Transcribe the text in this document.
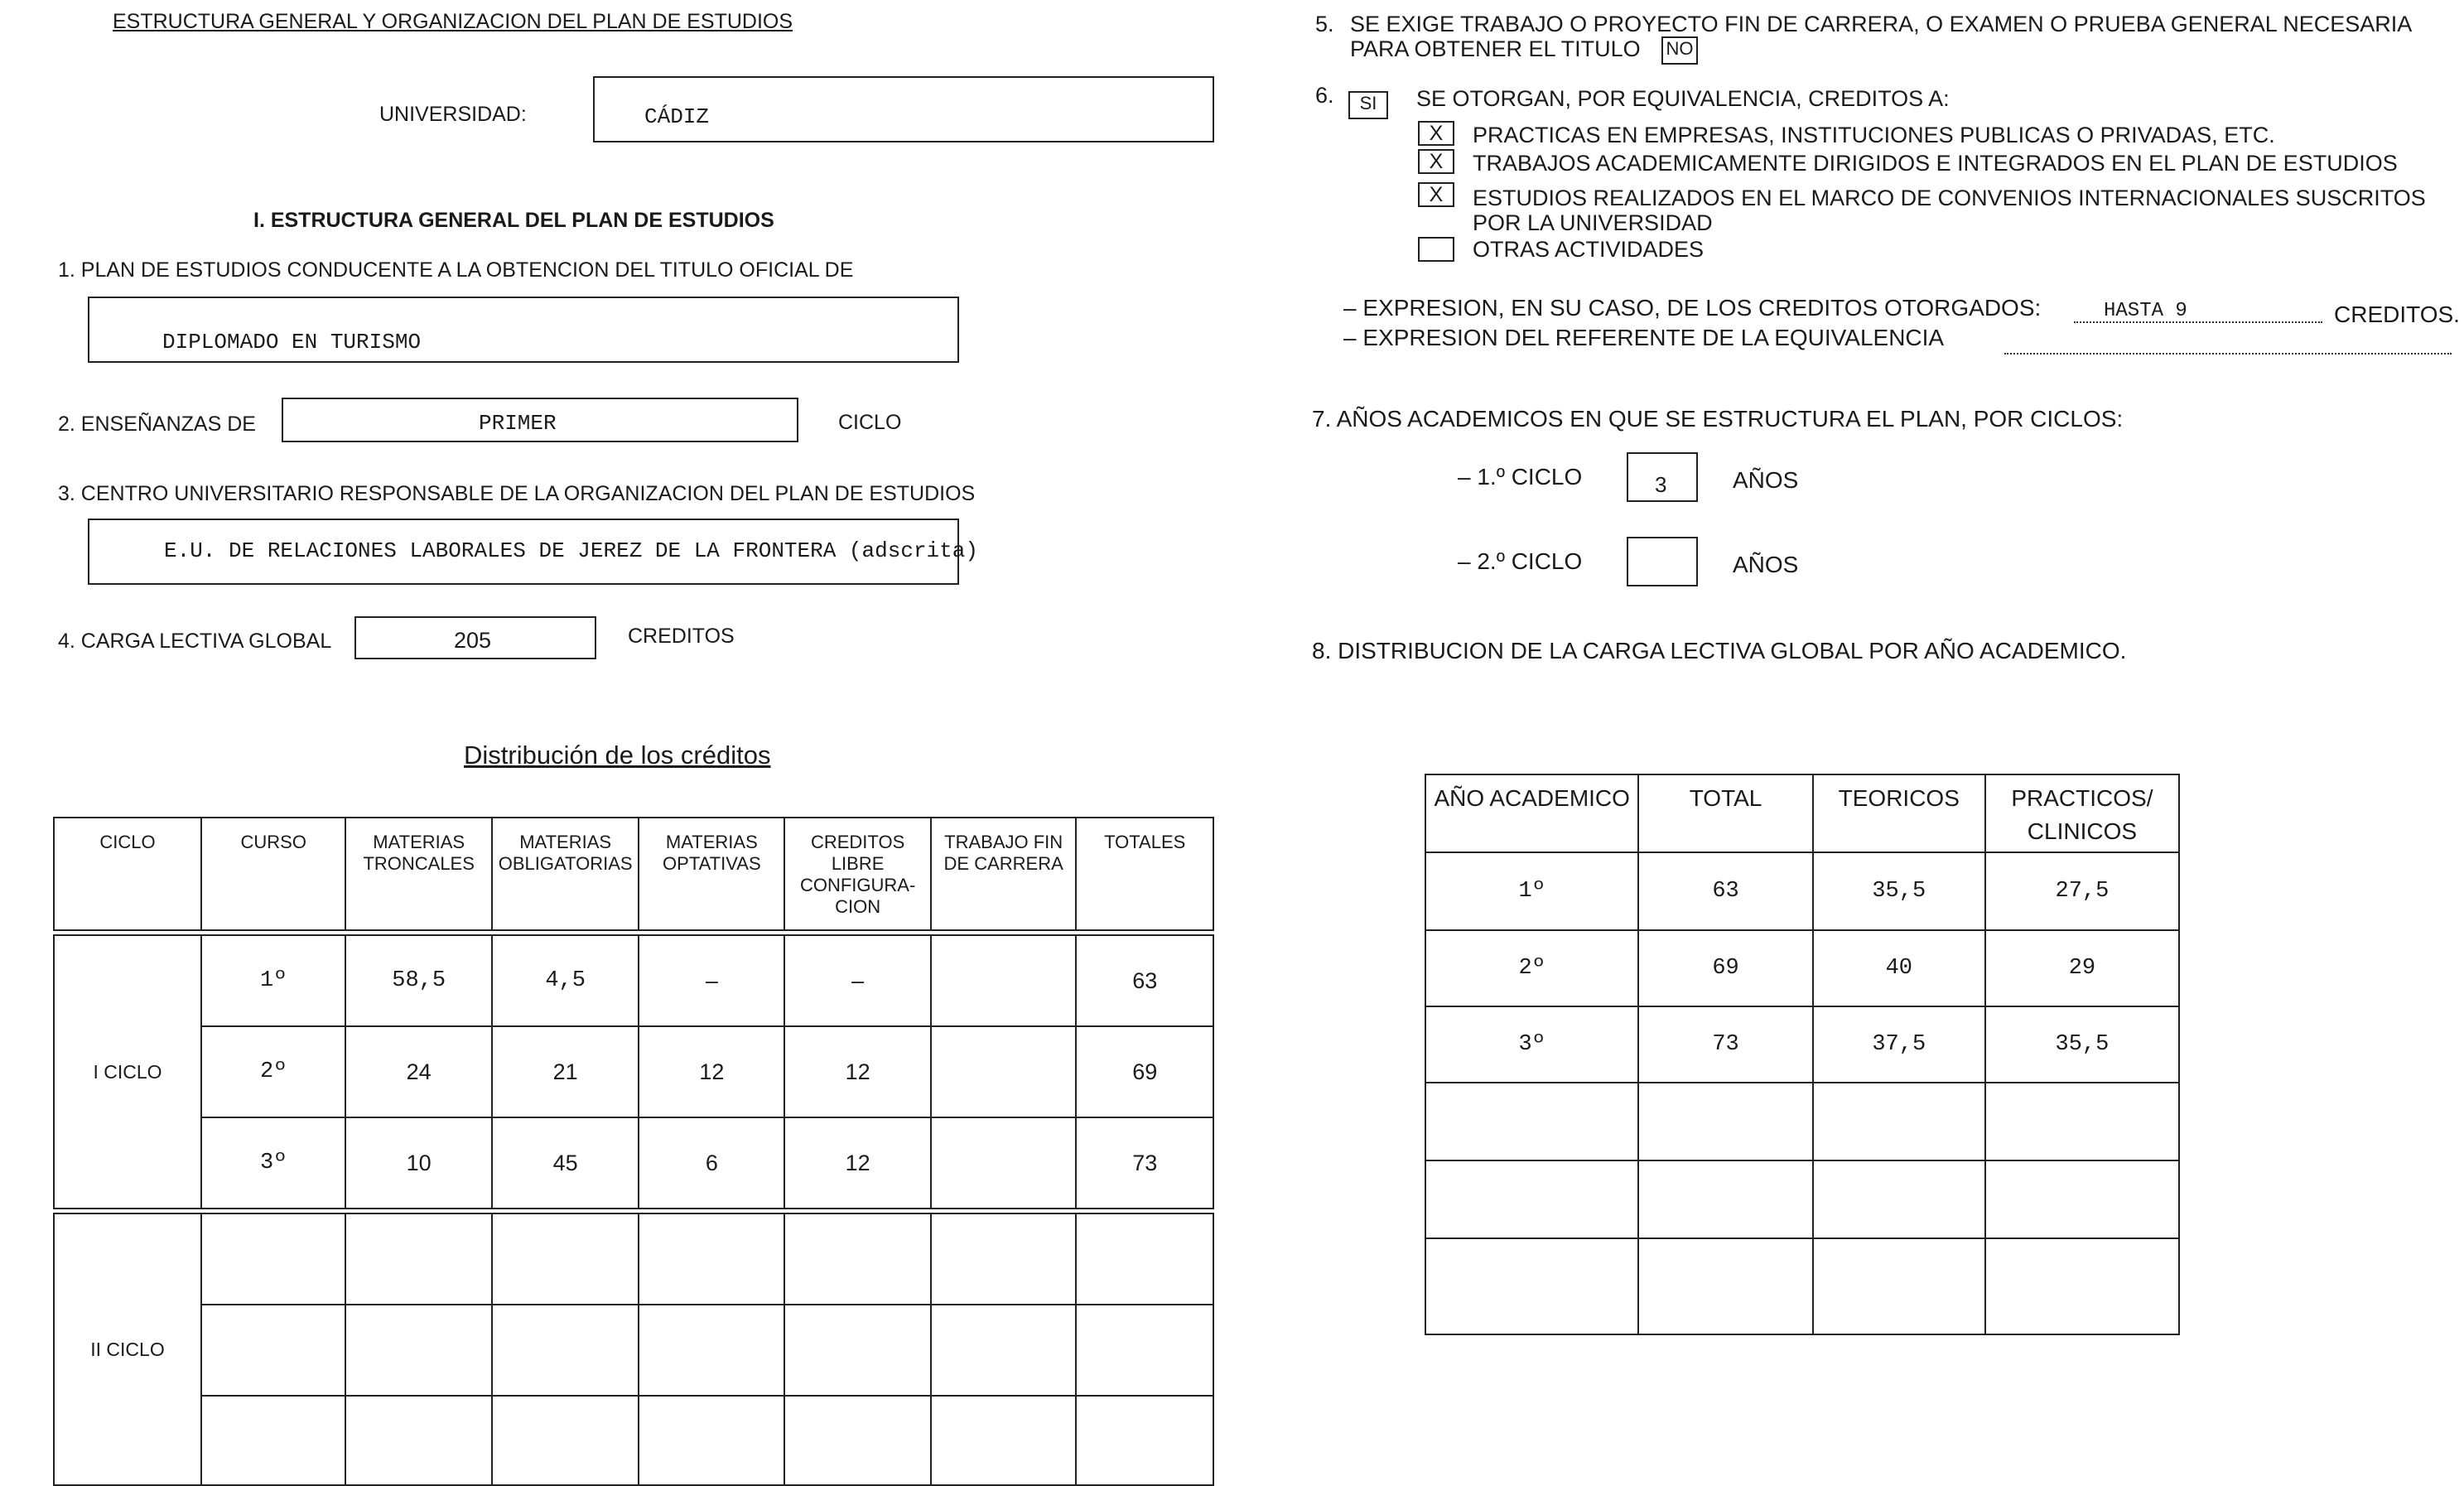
ESTRUCTURA GENERAL Y ORGANIZACION DEL PLAN DE ESTUDIOS
UNIVERSIDAD:	CÁDIZ
I. ESTRUCTURA GENERAL DEL PLAN DE ESTUDIOS
1. PLAN DE ESTUDIOS CONDUCENTE A LA OBTENCION DEL TITULO OFICIAL DE
DIPLOMADO EN TURISMO
2. ENSEÑANZAS DE	PRIMER	CICLO
3. CENTRO UNIVERSITARIO RESPONSABLE DE LA ORGANIZACION DEL PLAN DE ESTUDIOS
E.U. DE RELACIONES LABORALES DE JEREZ DE LA FRONTERA (adscrita)
4. CARGA LECTIVA GLOBAL	205	CREDITOS
Distribución de los créditos
CICLO	CURSO	MATERIAS TRONCALES	MATERIAS OBLIGATORIAS	MATERIAS OPTATIVAS	CREDITOS LIBRE CONFIGURA-CION	TRABAJO FIN DE CARRERA	TOTALES

I CICLO	1º	58,5	4,5	–	–		63
	2º	24	21	12	12		69
	3º	10	45	6	12		73

II CICLO							

5. SE EXIGE TRABAJO O PROYECTO FIN DE CARRERA, O EXAMEN O PRUEBA GENERAL NECESARIA
PARA OBTENER EL TITULO NO
6.	SI	SE OTORGAN, POR EQUIVALENCIA, CREDITOS A:
X	PRACTICAS EN EMPRESAS, INSTITUCIONES PUBLICAS O PRIVADAS, ETC.
X	TRABAJOS ACADEMICAMENTE DIRIGIDOS E INTEGRADOS EN EL PLAN DE ESTUDIOS
X	ESTUDIOS REALIZADOS EN EL MARCO DE CONVENIOS INTERNACIONALES SUSCRITOS
POR LA UNIVERSIDAD
OTRAS ACTIVIDADES
– EXPRESION, EN SU CASO, DE LOS CREDITOS OTORGADOS:	HASTA 9	CREDITOS.
– EXPRESION DEL REFERENTE DE LA EQUIVALENCIA
7. AÑOS ACADEMICOS EN QUE SE ESTRUCTURA EL PLAN, POR CICLOS:
– 1.º CICLO	3	AÑOS
– 2.º CICLO	AÑOS
8. DISTRIBUCION DE LA CARGA LECTIVA GLOBAL POR AÑO ACADEMICO.
AÑO ACADEMICO	TOTAL	TEORICOS	PRACTICOS/ CLINICOS
1º	63	35,5	27,5
2º	69	40	29
3º	73	37,5	35,5
